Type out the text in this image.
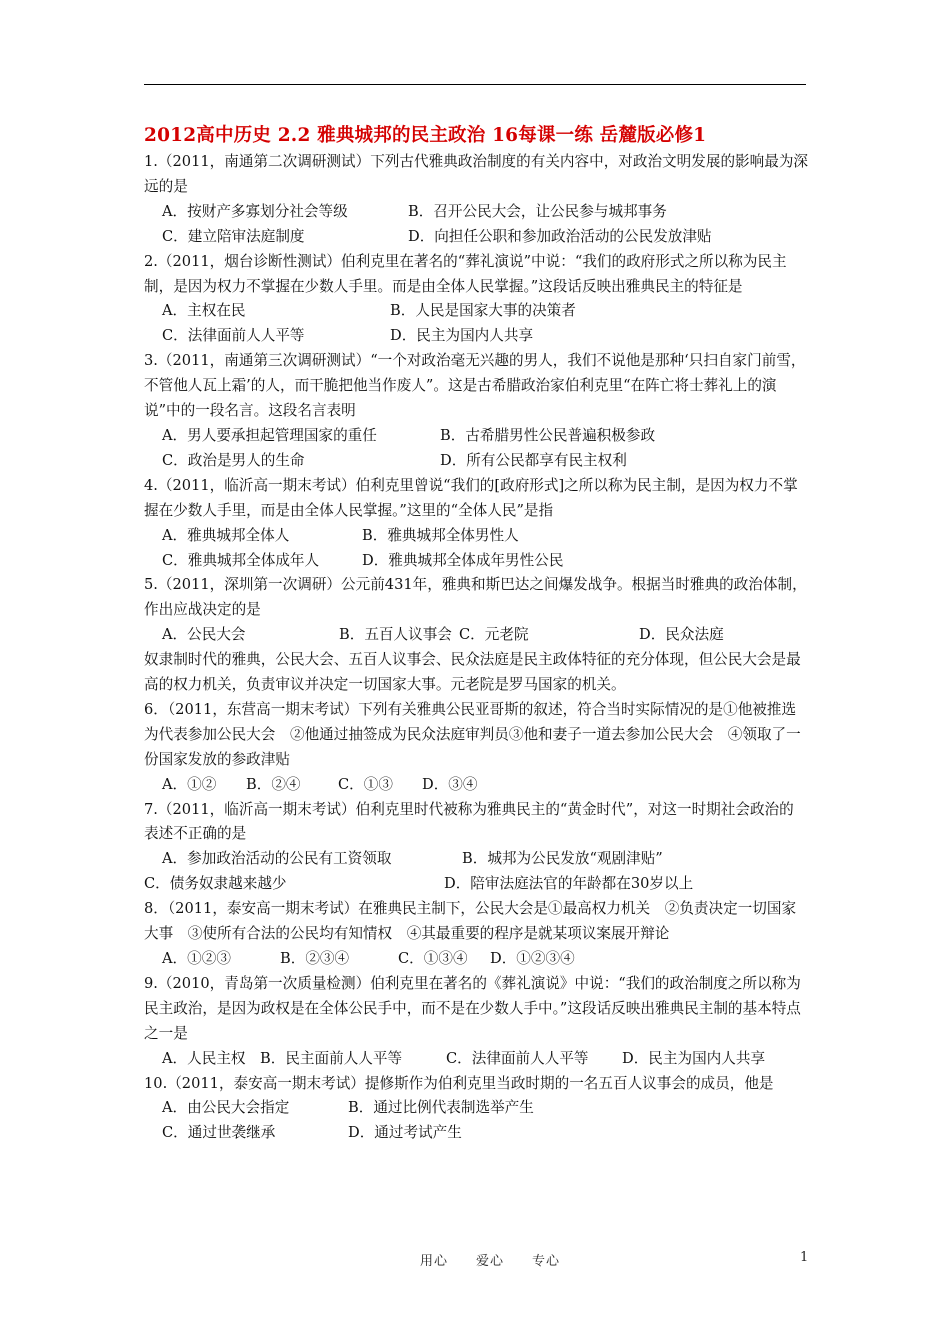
2012高中历史 2.2 雅典城邦的民主政治 16每课一练 岳麓版必修1
1.（2011，南通第二次调研测试）下列古代雅典政治制度的有关内容中，对政治文明发展的影响最为深远的是
A．按财产多寡划分社会等级	B．召开公民大会，让公民参与城邦事务
C．建立陪审法庭制度	D．向担任公职和参加政治活动的公民发放津贴
2.（2011，烟台诊断性测试）伯利克里在著名的“葬礼演说”中说：“我们的政府形式之所以称为民主制，是因为权力不掌握在少数人手里。而是由全体人民掌握。”这段话反映出雅典民主的特征是
A．主权在民	B．人民是国家大事的决策者
C．法律面前人人平等	D．民主为国内人共享
3.（2011，南通第三次调研测试）“一个对政治毫无兴趣的男人，我们不说他是那种‘只扫自家门前雪，不管他人瓦上霜’的人，而干脆把他当作废人”。这是古希腊政治家伯利克里“在阵亡将士葬礼上的演说”中的一段名言。这段名言表明
A．男人要承担起管理国家的重任	B．古希腊男性公民普遍积极参政
C．政治是男人的生命	D．所有公民都享有民主权利
4.（2011，临沂高一期末考试）伯利克里曾说“我们的[政府形式]之所以称为民主制，是因为权力不掌握在少数人手里，而是由全体人民掌握。”这里的“全体人民”是指
A．雅典城邦全体人	B．雅典城邦全体男性人
C．雅典城邦全体成年人	D．雅典城邦全体成年男性公民
5.（2011，深圳第一次调研）公元前431年，雅典和斯巴达之间爆发战争。根据当时雅典的政治体制，作出应战决定的是
A．公民大会	B．五百人议事会 C．元老院	D．民众法庭
奴隶制时代的雅典，公民大会、五百人议事会、民众法庭是民主政体特征的充分体现，但公民大会是最高的权力机关，负责审议并决定一切国家大事。元老院是罗马国家的机关。
6．（2011，东营高一期末考试）下列有关雅典公民亚哥斯的叙述，符合当时实际情况的是①他被推选为代表参加公民大会　②他通过抽签成为民众法庭审判员③他和妻子一道去参加公民大会　④领取了一份国家发放的参政津贴
A．①②	B．②④	C．①③	D．③④
7.（2011，临沂高一期末考试）伯利克里时代被称为雅典民主的“黄金时代”，对这一时期社会政治的表述不正确的是
A．参加政治活动的公民有工资领取	B．城邦为公民发放“观剧津贴”
C．债务奴隶越来越少	D．陪审法庭法官的年龄都在30岁以上
8．（2011，泰安高一期末考试）在雅典民主制下，公民大会是①最高权力机关　②负责决定一切国家大事　③使所有合法的公民均有知情权　④其最重要的程序是就某项议案展开辩论
A．①②③	B．②③④	C．①③④	D．①②③④
9.（2010，青岛第一次质量检测）伯利克里在著名的《葬礼演说》中说：“我们的政治制度之所以称为民主政治，是因为政权是在全体公民手中，而不是在少数人手中。”这段话反映出雅典民主制的基本特点之一是
A．人民主权 B．民主面前人人平等	C．法律面前人人平等	D．民主为国内人共享
10.（2011，泰安高一期末考试）提修斯作为伯利克里当政时期的一名五百人议事会的成员，他是
A．由公民大会指定	B．通过比例代表制选举产生
C．通过世袭继承	D．通过考试产生
用心　　爱心　　专心	1
